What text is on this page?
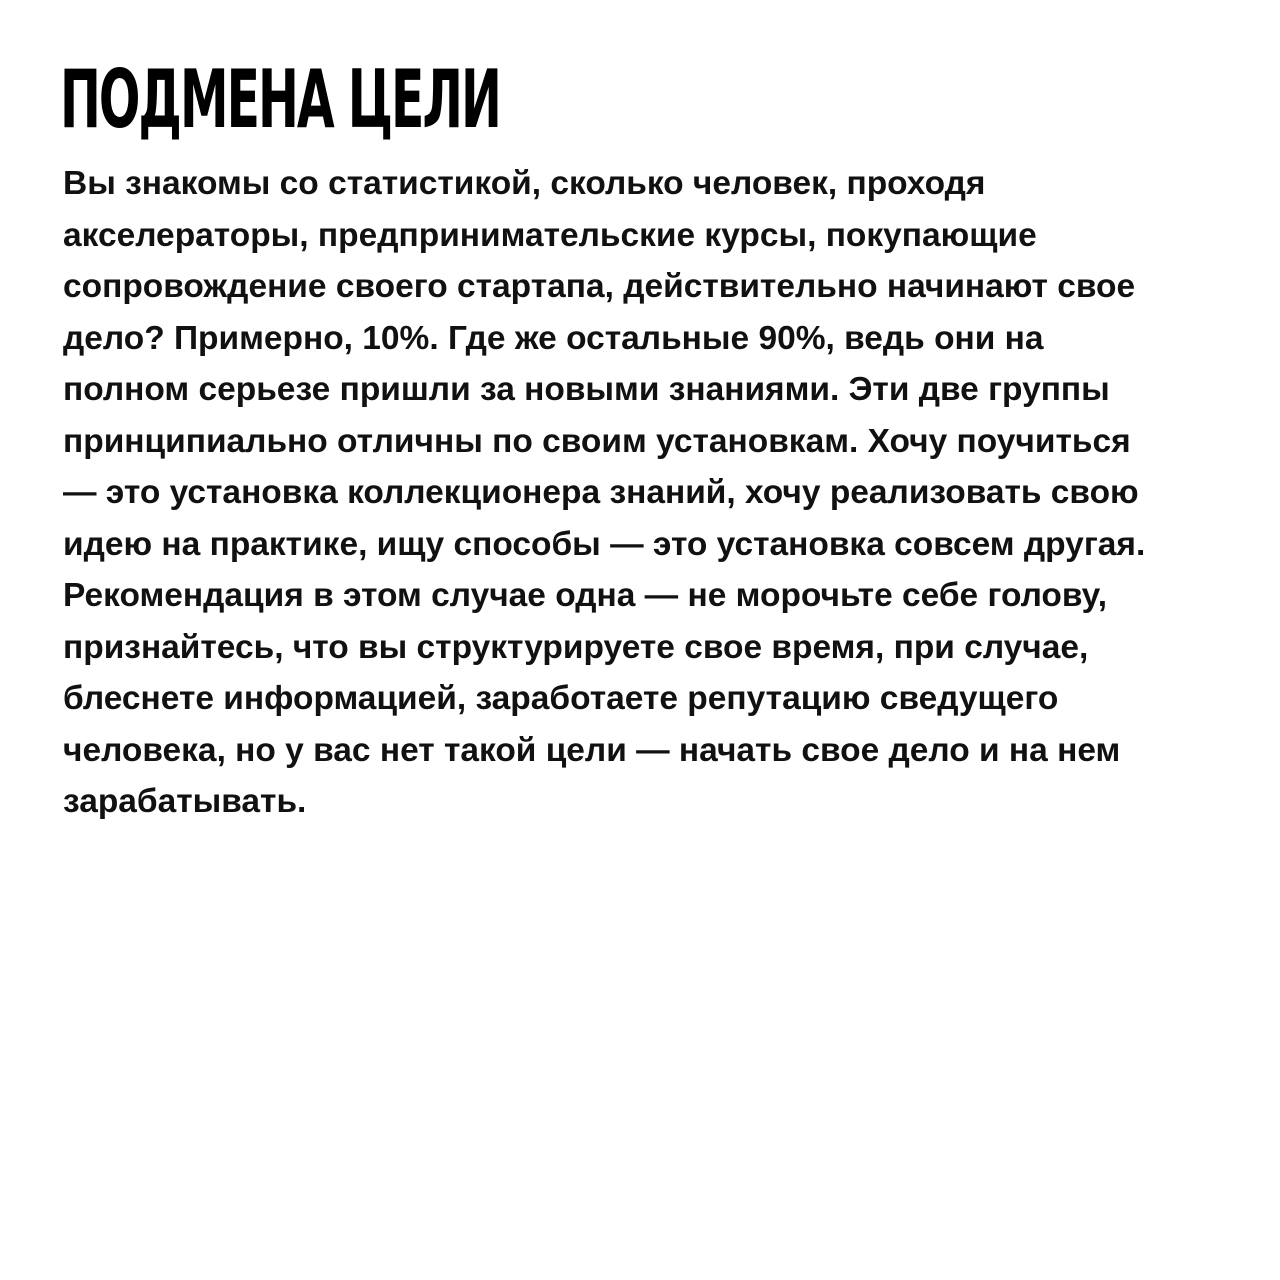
ПОДМЕНА ЦЕЛИ
Вы знакомы со статистикой, сколько человек, проходя
акселераторы, предпринимательские курсы, покупающие
сопровождение своего стартапа, действительно начинают свое
дело? Примерно, 10%. Где же остальные 90%, ведь они на
полном серьезе пришли за новыми знаниями. Эти две группы
принципиально отличны по своим установкам. Хочу поучиться
— это установка коллекционера знаний, хочу реализовать свою
идею на практике, ищу способы — это установка совсем другая.
Рекомендация в этом случае одна — не морочьте себе голову,
признайтесь, что вы структурируете свое время, при случае,
блеснете информацией, заработаете репутацию сведущего
человека, но у вас нет такой цели — начать свое дело и на нем
зарабатывать.
